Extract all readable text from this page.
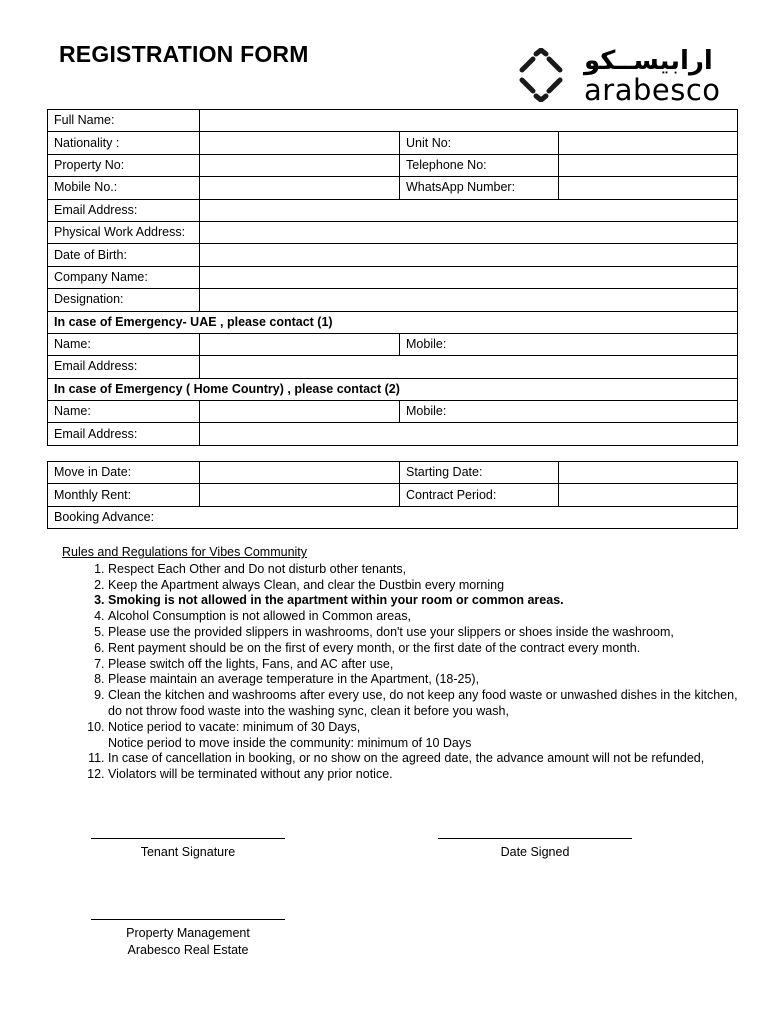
REGISTRATION FORM	ارابيســكو
arabesco
Full Name:			
Nationality :		Unit No:	
Property No:		Telephone No:	
Mobile No.:		WhatsApp Number:	
Email Address:			
Physical Work Address:			
Date of Birth:			
Company Name:			
Designation:			
In case of Emergency- UAE , please contact (1)			
Name:		Mobile:	
Email Address:			
In case of Emergency ( Home Country) , please contact (2)			
Name:		Mobile:	
Email Address:			
Move in Date:		Starting Date:	
Monthly Rent:		Contract Period:	
Booking Advance:			
Rules and Regulations for Vibes Community
1. Respect Each Other and Do not disturb other tenants,
2. Keep the Apartment always Clean, and clear the Dustbin every morning
3. Smoking is not allowed in the apartment within your room or common areas.
4. Alcohol Consumption is not allowed in Common areas,
5. Please use the provided slippers in washrooms, don't use your slippers or shoes inside the washroom,
6. Rent payment should be on the first of every month, or the first date of the contract every month.
7. Please switch off the lights, Fans, and AC after use,
8. Please maintain an average temperature in the Apartment, (18-25),
9. Clean the kitchen and washrooms after every use, do not keep any food waste or unwashed dishes in the kitchen, do not throw food waste into the washing sync, clean it before you wash,
10. Notice period to vacate: minimum of 30 Days,
Notice period to move inside the community: minimum of 10 Days
11. In case of cancellation in booking, or no show on the agreed date, the advance amount will not be refunded,
12. Violators will be terminated without any prior notice.
Tenant Signature	Date Signed
Property Management
Arabesco Real Estate
